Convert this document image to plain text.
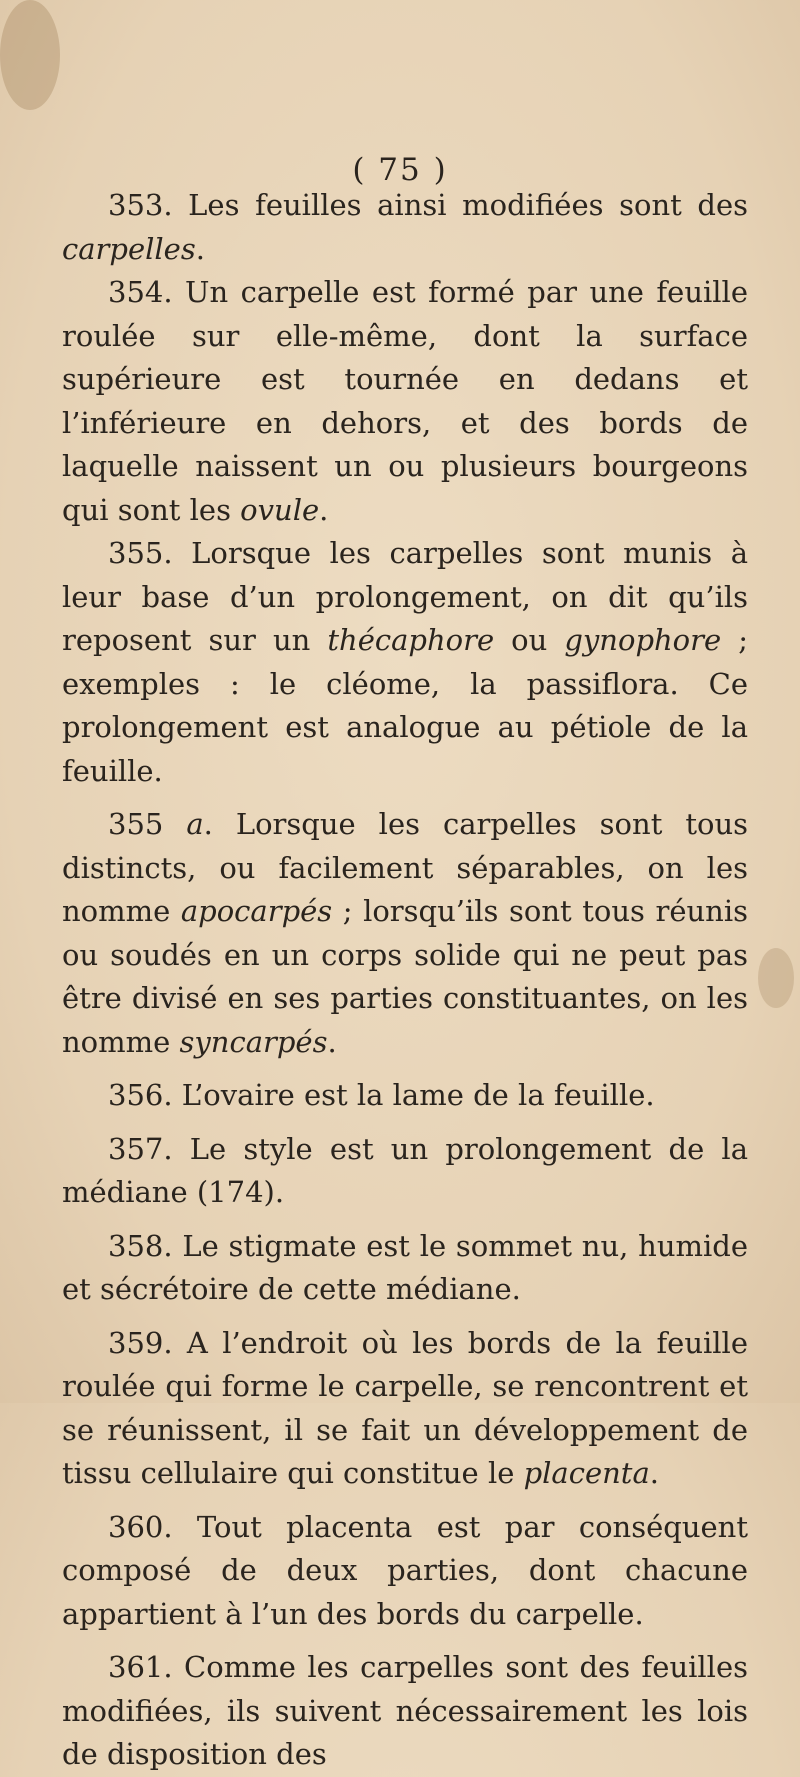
( 75 )

353. Les feuilles ainsi modifiées sont des carpelles.

354. Un carpelle est formé par une feuille roulée sur elle-même, dont la surface supérieure est tournée en dedans et l’inférieure en dehors, et des bords de laquelle naissent un ou plusieurs bourgeons qui sont les ovule.

355. Lorsque les carpelles sont munis à leur base d’un prolongement, on dit qu’ils reposent sur un thécaphore ou gynophore ; exemples : le cléome, la passiflora. Ce prolongement est analogue au pétiole de la feuille.

355 a. Lorsque les carpelles sont tous distincts, ou facilement séparables, on les nomme apocarpés ; lorsqu’ils sont tous réunis ou soudés en un corps solide qui ne peut pas être divisé en ses parties constituantes, on les nomme syncarpés.

356. L’ovaire est la lame de la feuille.

357. Le style est un prolongement de la médiane (174).

358. Le stigmate est le sommet nu, humide et sécrétoire de cette médiane.

359. A l’endroit où les bords de la feuille roulée qui forme le carpelle, se rencontrent et se réunissent, il se fait un développement de tissu cellulaire qui constitue le placenta.

360. Tout placenta est par conséquent composé de deux parties, dont chacune appartient à l’un des bords du carpelle.

361. Comme les carpelles sont des feuilles modifiées, ils suivent nécessairement les lois de disposition des
